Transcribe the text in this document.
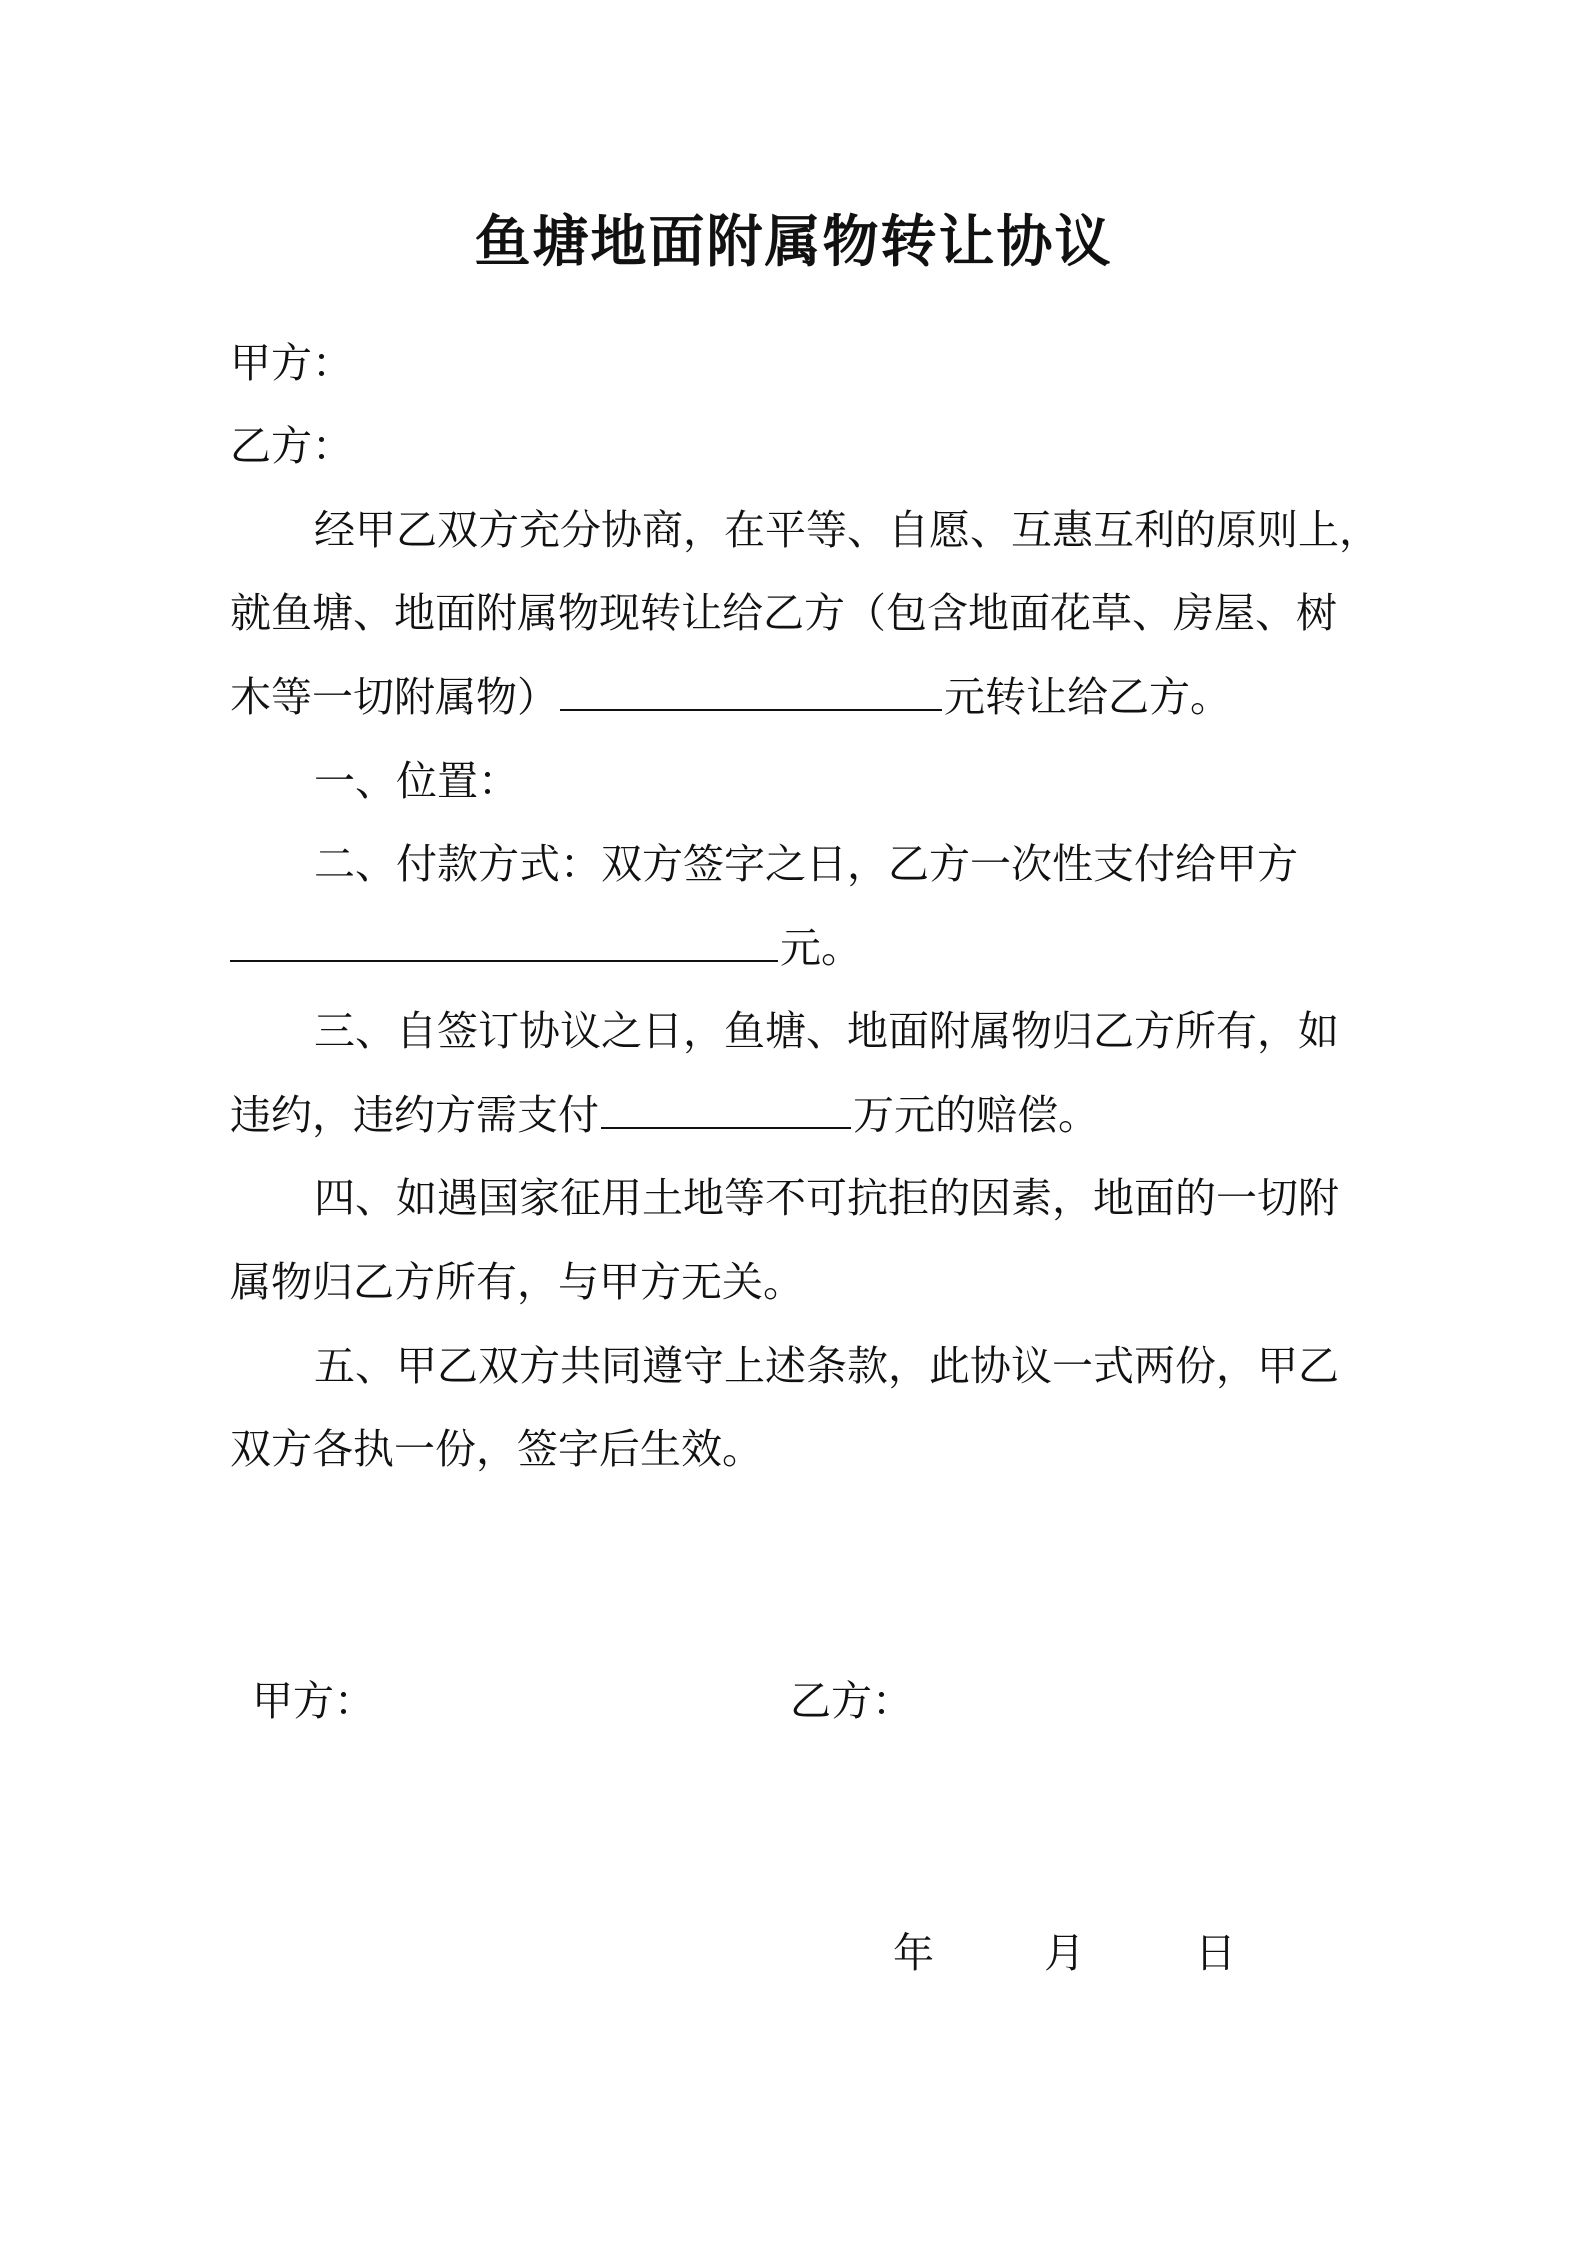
鱼塘地面附属物转让协议

甲方：

乙方：

经甲乙双方充分协商，在平等、自愿、互惠互利的原则上，

就鱼塘、地面附属物现转让给乙方（包含地面花草、房屋、树

木等一切附属物）	元转让给乙方。

一、位置：

二、付款方式：双方签字之日，乙方一次性支付给甲方

元。

三、自签订协议之日，鱼塘、地面附属物归乙方所有，如

违约，违约方需支付	万元的赔偿。

四、如遇国家征用土地等不可抗拒的因素，地面的一切附

属物归乙方所有，与甲方无关。

五、甲乙双方共同遵守上述条款，此协议一式两份，甲乙

双方各执一份，签字后生效。

甲方：	乙方：
年	月	日
